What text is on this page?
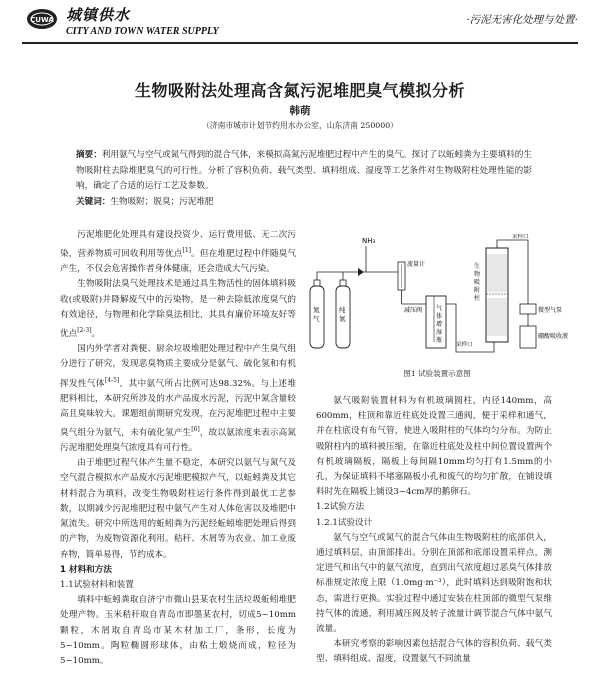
CUWA 城镇供水
CITY AND TOWN WATER SUPPLY
·污泥无害化处理与处置·
生物吸附法处理高含氮污泥堆肥臭气模拟分析
韩萌
（济南市城市计划节约用水办公室，山东济南 250000）
摘要：利用氨气与空气或氮气得到的混合气体，来模拟高氮污泥堆肥过程中产生的臭气。探讨了以蚯蚓粪为主要填料的生物吸附柱去除堆肥臭气的可行性。分析了容积负荷、载气类型、填料组成、湿度等工艺条件对生物吸附柱处理性能的影响，确定了合适的运行工艺及参数。
关键词：生物吸附；脱臭；污泥堆肥

污泥堆肥化处理具有建设投资少、运行费用低、无二次污染，营养物质可回收利用等优点[1]。但在堆肥过程中伴随臭气产生，不仅会危害操作者身体健康，还会造成大气污染。

生物吸附法臭气处理技术是通过具生物活性的固体填料吸收(或吸附)并降解废气中的污染物，是一种去除低浓度臭气的有效途径，与物理和化学除臭法相比，其具有廉价环境友好等优点[2-3]。

国内外学者对粪便、厨余垃圾堆肥处理过程中产生臭气组分进行了研究，发现恶臭物质主要成分是氨气、硫化氢和有机挥发性气体[4-5]，其中氨气所占比例可达98.32%。与上述堆肥料相比，本研究所涉及的水产品废水污泥，污泥中氮含量较高且臭味较大。课题组前期研究发现，在污泥堆肥过程中主要臭气组分为氨气，未有硫化氢产生[6]，故以氨浓度来表示高氮污泥堆肥处理臭气浓度具有可行性。

由于堆肥过程气体产生量不稳定，本研究以氨气与氮气及空气混合模拟水产品废水污泥堆肥模拟产气，以蚯蚓粪及其它材料混合为填料，改变生物吸附柱运行条件得到最优工艺参数，以期减少污泥堆肥过程中氨气产生对人体危害以及堆肥中氮流失。研究中所选用的蚯蚓粪为污泥经蚯蚓堆肥处理后得到的产物，为废物资源化利用。秸秆、木屑等为农业、加工业废弃物，简单易得，节约成本。

1 材料和方法

1.1试验材料和装置

填料中蚯蚓粪取自济宁市微山县某农村生活垃圾蚯蚓堆肥处理产物。玉米秸秆取自青岛市即墨某农村，切成5~10mm颗粒，木屑取自青岛市某木材加工厂，条形，长度为5~10mm。陶粒椭圆形球体，由粘土煅烧而成，粒径为5~10mm。

NH₃
氮
气
纯
氮
流量计
减压阀 气
体
增
湿
瓶
采样口
生
物
吸
附
柱
采样口
微型气泵
硼酸吸收液
图1 试验装置示意图

氨气吸附装置材料为有机玻璃圆柱，内径140mm，高600mm，柱顶和靠近柱底处设置三通阀，便于采样和通气，并在柱底设有布气管，使进入吸附柱的气体均匀分布。为防止吸附柱内的填料被压缩，在靠近柱底处及柱中间位置设置两个有机玻璃隔板，隔板上每间隔10mm均匀打有1.5mm的小孔，为保证填料不堵塞隔板小孔和废气的均匀扩散，在铺设填料时先在隔板上铺设3~4cm厚的鹅卵石。

1.2试验方法

1.2.1试验设计

氨气与空气或氮气的混合气体由生物吸附柱的底部供入，通过填料层，由顶部排出。分别在顶部和底部设置采样点，测定进气和出气中的氨气浓度，直到出气浓度超过恶臭气体排放标准规定浓度上限（1.0mg·m⁻³），此时填料达到吸附饱和状态，需进行更换。实验过程中通过安装在柱顶部的微型气泵维持气体的流通，利用减压阀及转子流量计调节混合气体中氨气流量。

本研究考察的影响因素包括混合气体的容积负荷、载气类型、填料组成、湿度，设置氨气不同流量
